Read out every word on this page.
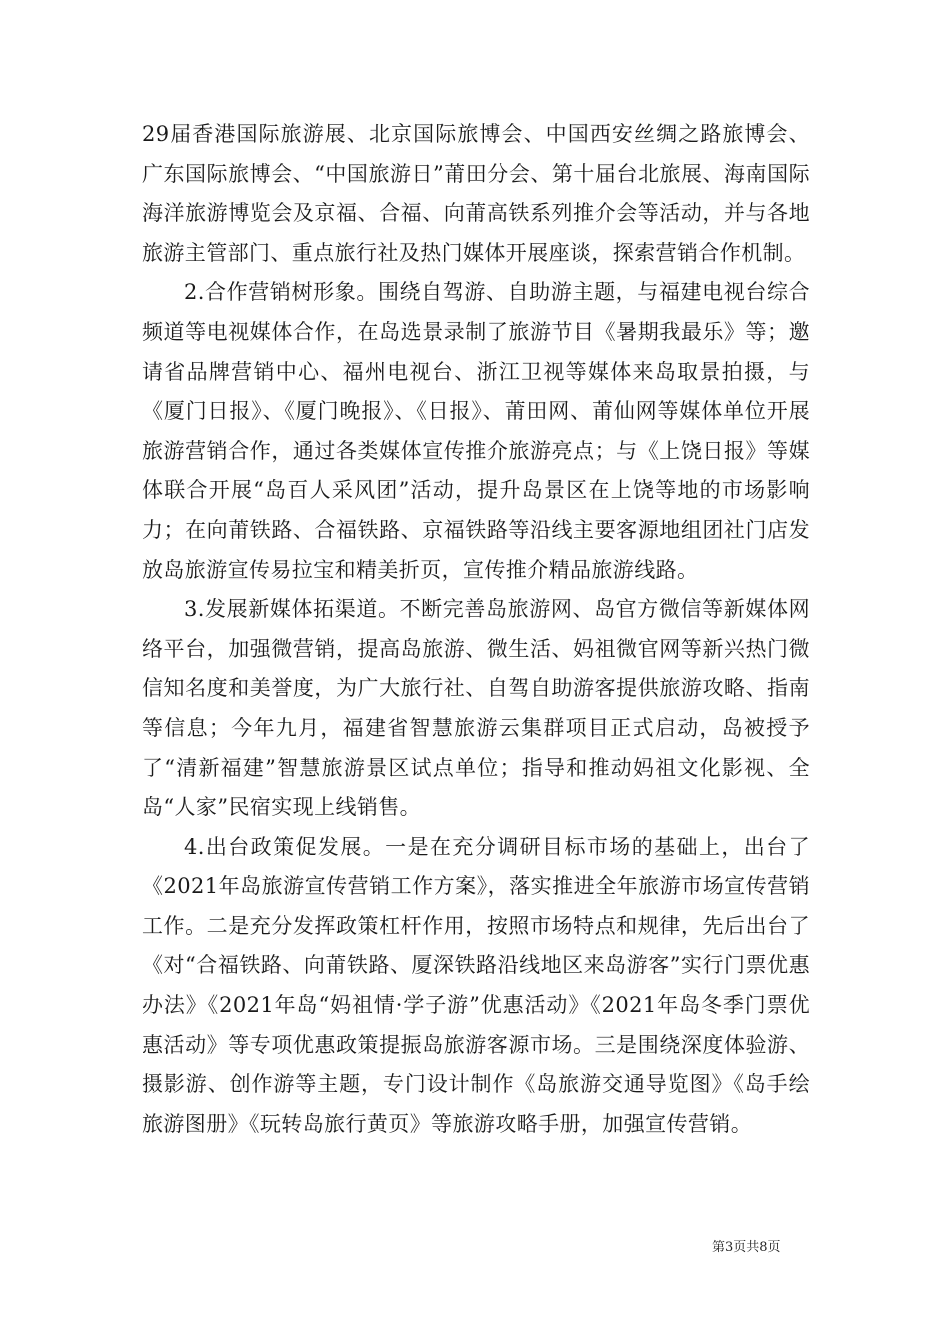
29届香港国际旅游展、北京国际旅博会、中国西安丝绸之路旅博会、广东国际旅博会、“中国旅游日”莆田分会、第十届台北旅展、海南国际海洋旅游博览会及京福、合福、向莆高铁系列推介会等活动，并与各地旅游主管部门、重点旅行社及热门媒体开展座谈，探索营销合作机制。

2.合作营销树形象。围绕自驾游、自助游主题，与福建电视台综合频道等电视媒体合作，在岛选景录制了旅游节目《暑期我最乐》等；邀请省品牌营销中心、福州电视台、浙江卫视等媒体来岛取景拍摄，与《厦门日报》、《厦门晚报》、《日报》、莆田网、莆仙网等媒体单位开展旅游营销合作，通过各类媒体宣传推介旅游亮点；与《上饶日报》等媒体联合开展“岛百人采风团”活动，提升岛景区在上饶等地的市场影响力；在向莆铁路、合福铁路、京福铁路等沿线主要客源地组团社门店发放岛旅游宣传易拉宝和精美折页，宣传推介精品旅游线路。

3.发展新媒体拓渠道。不断完善岛旅游网、岛官方微信等新媒体网络平台，加强微营销，提高岛旅游、微生活、妈祖微官网等新兴热门微信知名度和美誉度，为广大旅行社、自驾自助游客提供旅游攻略、指南等信息；今年九月，福建省智慧旅游云集群项目正式启动，岛被授予了“清新福建”智慧旅游景区试点单位；指导和推动妈祖文化影视、全岛“人家”民宿实现上线销售。

4.出台政策促发展。一是在充分调研目标市场的基础上，出台了《2021年岛旅游宣传营销工作方案》，落实推进全年旅游市场宣传营销工作。二是充分发挥政策杠杆作用，按照市场特点和规律，先后出台了《对“合福铁路、向莆铁路、厦深铁路沿线地区来岛游客”实行门票优惠办法》《2021年岛“妈祖情·学子游”优惠活动》《2021年岛冬季门票优惠活动》等专项优惠政策提振岛旅游客源市场。三是围绕深度体验游、摄影游、创作游等主题，专门设计制作《岛旅游交通导览图》《岛手绘旅游图册》《玩转岛旅行黄页》等旅游攻略手册，加强宣传营销。

第3页共8页
